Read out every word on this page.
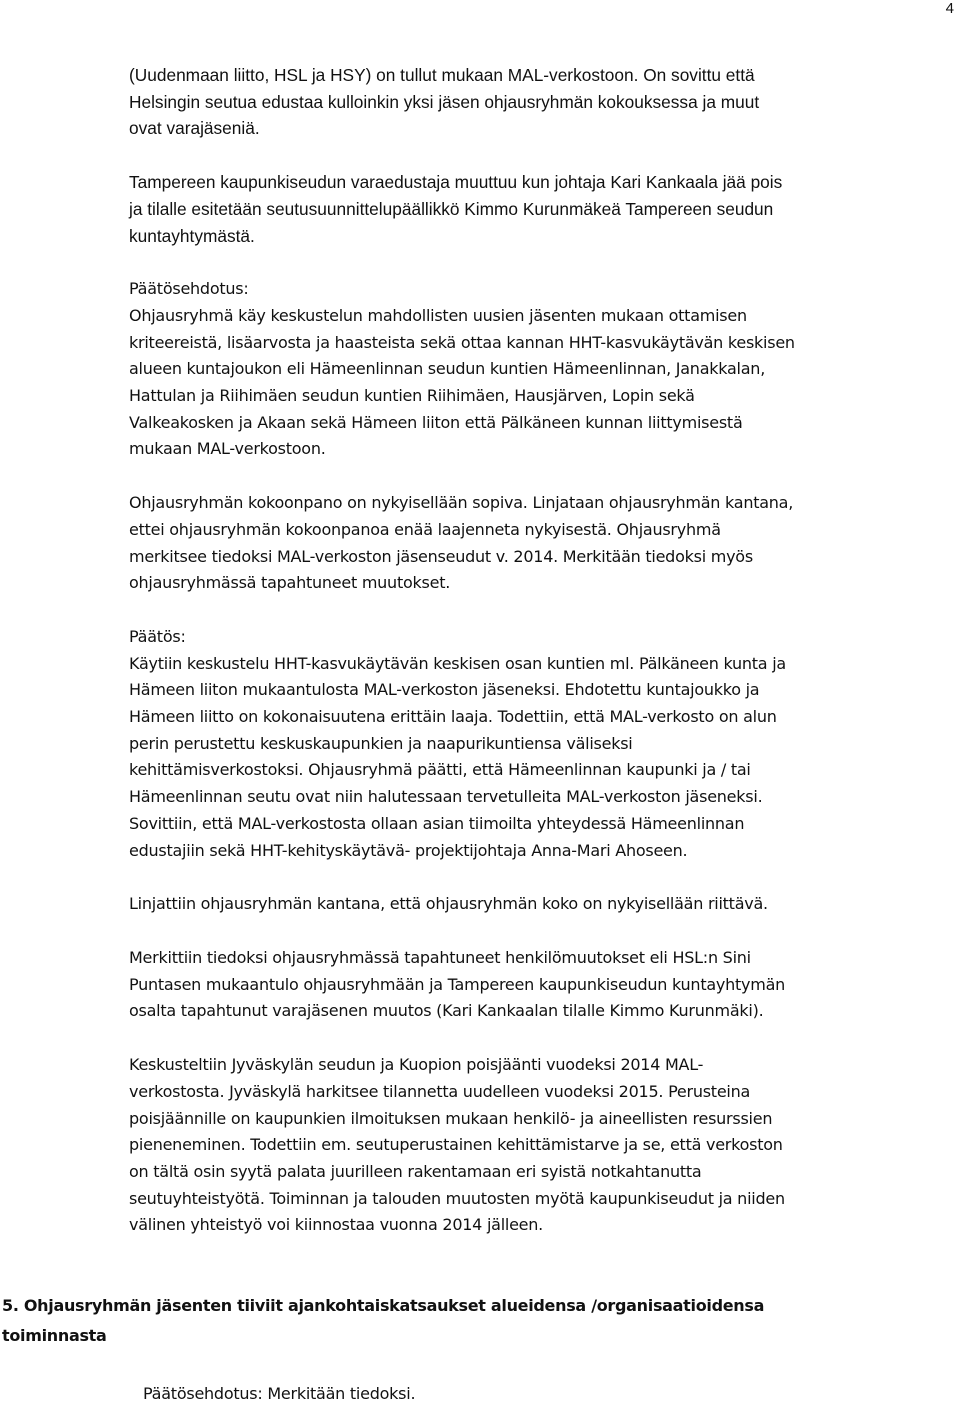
4

(Uudenmaan liitto, HSL ja HSY) on tullut mukaan MAL-verkostoon. On sovittu että
Helsingin seutua edustaa kulloinkin yksi jäsen ohjausryhmän kokouksessa ja muut
ovat varajäseniä.

Tampereen kaupunkiseudun varaedustaja muuttuu kun johtaja Kari Kankaala jää pois
ja tilalle esitetään seutusuunnittelupäällikkö Kimmo Kurunmäkeä Tampereen seudun
kuntayhtymästä.

Päätösehdotus:
Ohjausryhmä käy keskustelun mahdollisten uusien jäsenten mukaan ottamisen
kriteereistä, lisäarvosta ja haasteista sekä ottaa kannan HHT-kasvukäytävän keskisen
alueen kuntajoukon eli Hämeenlinnan seudun kuntien Hämeenlinnan, Janakkalan,
Hattulan ja Riihimäen seudun kuntien Riihimäen, Hausjärven, Lopin sekä
Valkeakosken ja Akaan sekä Hämeen liiton että Pälkäneen kunnan liittymisestä
mukaan MAL-verkostoon.

Ohjausryhmän kokoonpano on nykyisellään sopiva. Linjataan ohjausryhmän kantana,
ettei ohjausryhmän kokoonpanoa enää laajenneta nykyisestä. Ohjausryhmä
merkitsee tiedoksi MAL-verkoston jäsenseudut v. 2014. Merkitään tiedoksi myös
ohjausryhmässä tapahtuneet muutokset.

Päätös:
Käytiin keskustelu HHT-kasvukäytävän keskisen osan kuntien ml. Pälkäneen kunta ja
Hämeen liiton mukaantulosta MAL-verkoston jäseneksi. Ehdotettu kuntajoukko ja
Hämeen liitto on kokonaisuutena erittäin laaja. Todettiin, että MAL-verkosto on alun
perin perustettu keskuskaupunkien ja naapurikuntiensa väliseksi
kehittämisverkostoksi. Ohjausryhmä päätti, että Hämeenlinnan kaupunki ja / tai
Hämeenlinnan seutu ovat niin halutessaan tervetulleita MAL-verkoston jäseneksi.
Sovittiin, että MAL-verkostosta ollaan asian tiimoilta yhteydessä Hämeenlinnan
edustajiin sekä HHT-kehityskäytävä- projektijohtaja Anna-Mari Ahoseen.

Linjattiin ohjausryhmän kantana, että ohjausryhmän koko on nykyisellään riittävä.

Merkittiin tiedoksi ohjausryhmässä tapahtuneet henkilömuutokset eli HSL:n Sini
Puntasen mukaantulo ohjausryhmään ja Tampereen kaupunkiseudun kuntayhtymän
osalta tapahtunut varajäsenen muutos (Kari Kankaalan tilalle Kimmo Kurunmäki).

Keskusteltiin Jyväskylän seudun ja Kuopion poisjäänti vuodeksi 2014 MAL-
verkostosta. Jyväskylä harkitsee tilannetta uudelleen vuodeksi 2015. Perusteina
poisjäännille on kaupunkien ilmoituksen mukaan henkilö- ja aineellisten resurssien
pieneneminen. Todettiin em. seutuperustainen kehittämistarve ja se, että verkoston
on tältä osin syytä palata juurilleen rakentamaan eri syistä notkahtanutta
seutuyhteistyötä. Toiminnan ja talouden muutosten myötä kaupunkiseudut ja niiden
välinen yhteistyö voi kiinnostaa vuonna 2014 jälleen.

5. Ohjausryhmän jäsenten tiiviit ajankohtaiskatsaukset alueidensa /organisaatioidensa
toiminnasta

Päätösehdotus: Merkitään tiedoksi.
